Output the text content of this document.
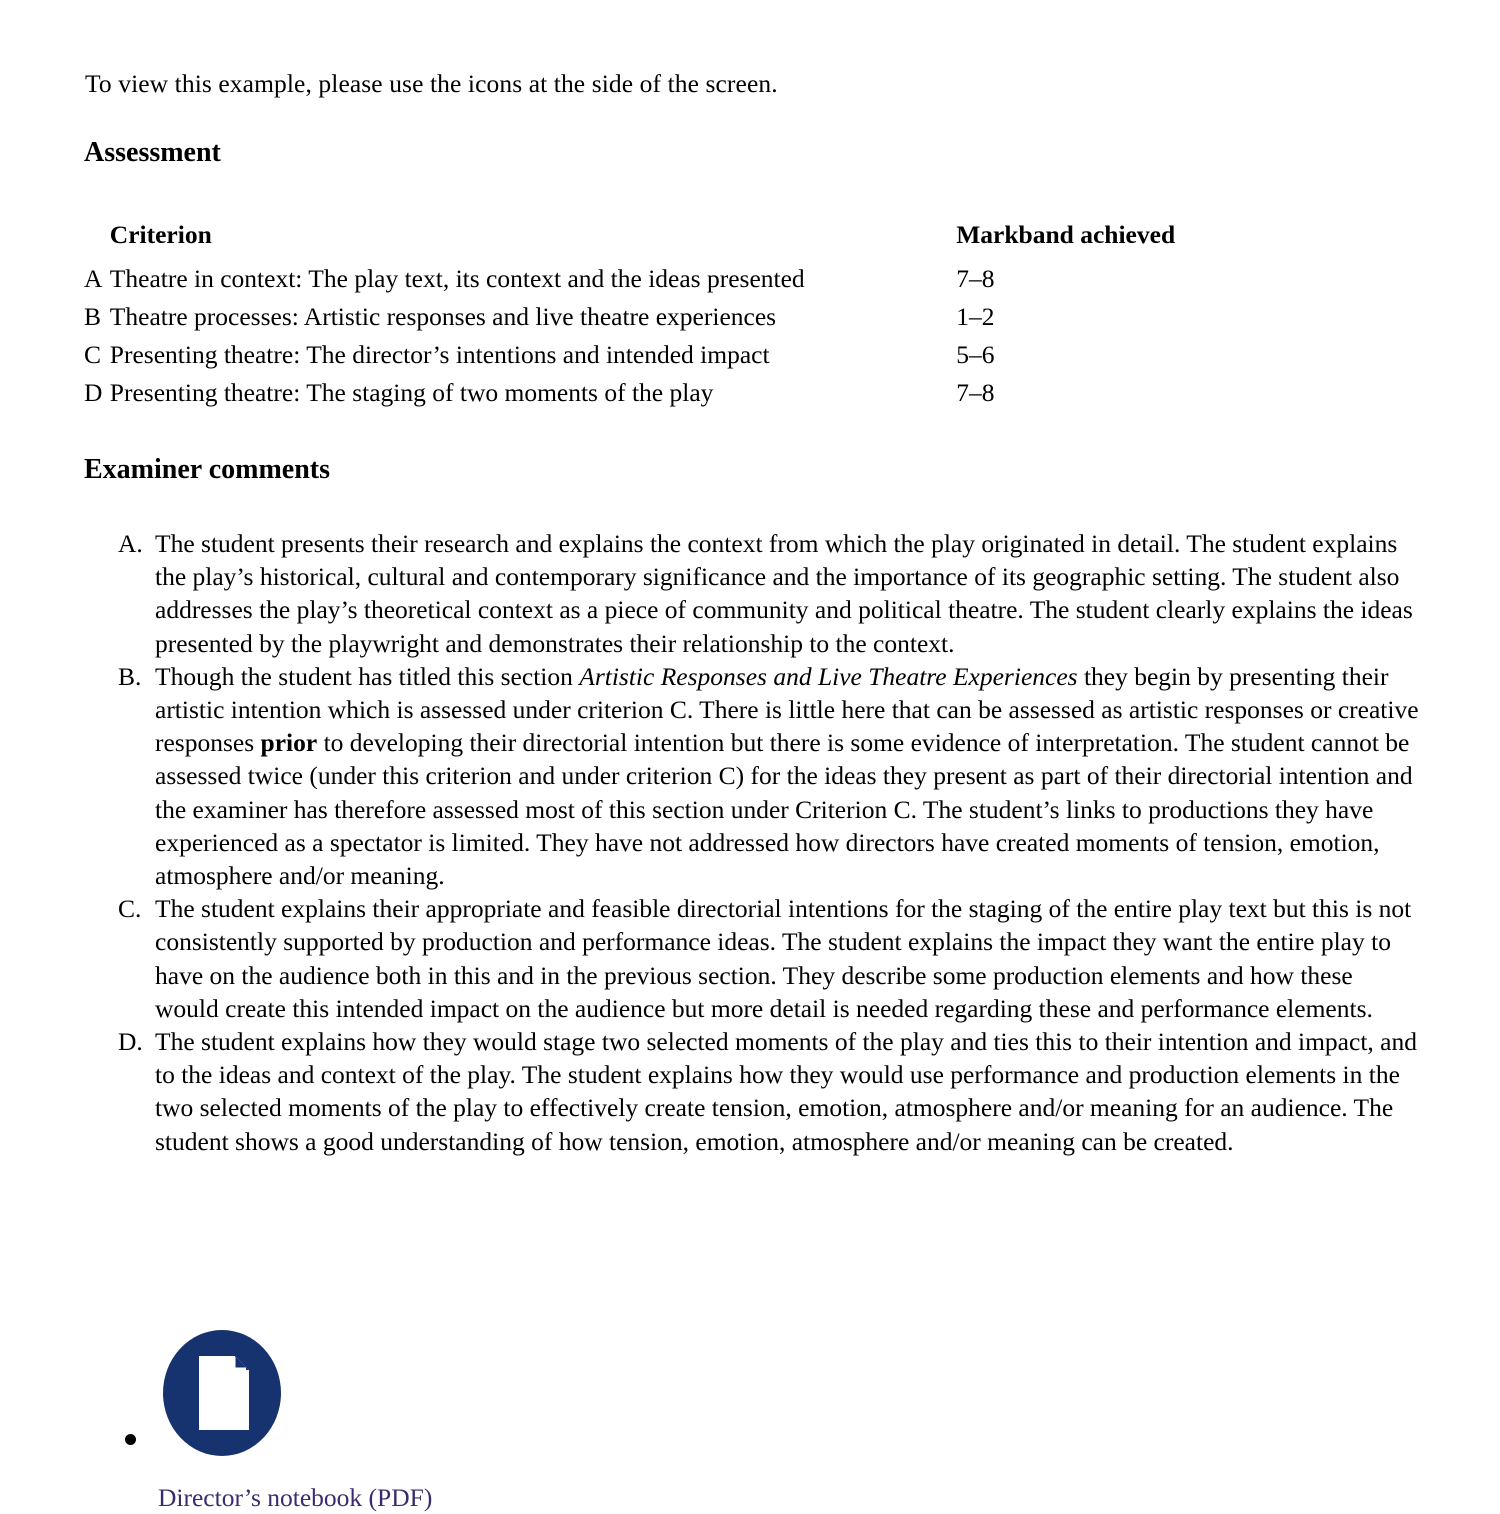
To view this example, please use the icons at the side of the screen.
Assessment
	Criterion	Markband achieved
A	Theatre in context: The play text, its context and the ideas presented	7–8
B	Theatre processes: Artistic responses and live theatre experiences	1–2
C	Presenting theatre: The director’s intentions and intended impact	5–6
D	Presenting theatre: The staging of two moments of the play	7–8
Examiner comments
A. The student presents their research and explains the context from which the play originated in detail. The student explains the play’s historical, cultural and contemporary significance and the importance of its geographic setting. The student also addresses the play’s theoretical context as a piece of community and political theatre. The student clearly explains the ideas presented by the playwright and demonstrates their relationship to the context.
B. Though the student has titled this section Artistic Responses and Live Theatre Experiences they begin by presenting their artistic intention which is assessed under criterion C. There is little here that can be assessed as artistic responses or creative responses prior to developing their directorial intention but there is some evidence of interpretation. The student cannot be assessed twice (under this criterion and under criterion C) for the ideas they present as part of their directorial intention and the examiner has therefore assessed most of this section under Criterion C. The student’s links to productions they have experienced as a spectator is limited. They have not addressed how directors have created moments of tension, emotion, atmosphere and/or meaning.
C. The student explains their appropriate and feasible directorial intentions for the staging of the entire play text but this is not consistently supported by production and performance ideas. The student explains the impact they want the entire play to have on the audience both in this and in the previous section. They describe some production elements and how these would create this intended impact on the audience but more detail is needed regarding these and performance elements.
D. The student explains how they would stage two selected moments of the play and ties this to their intention and impact, and to the ideas and context of the play. The student explains how they would use performance and production elements in the two selected moments of the play to effectively create tension, emotion, atmosphere and/or meaning for an audience. The student shows a good understanding of how tension, emotion, atmosphere and/or meaning can be created.
Director’s notebook (PDF)
